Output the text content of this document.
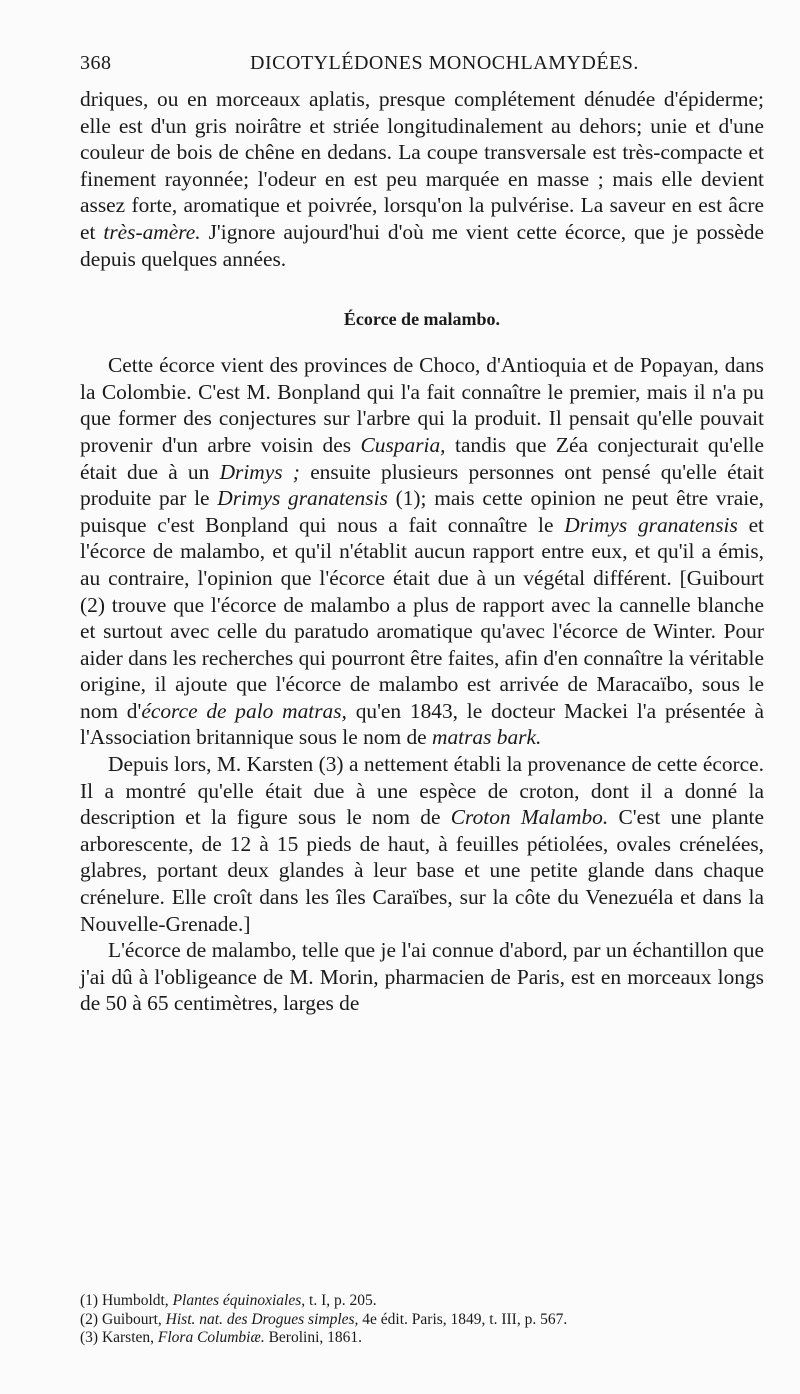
368	DICOTYLÉDONES MONOCHLAMYDÉES.

driques, ou en morceaux aplatis, presque complétement dénudée d'épiderme; elle est d'un gris noirâtre et striée longitudinalement au dehors; unie et d'une couleur de bois de chêne en dedans. La coupe transversale est très-compacte et finement rayonnée; l'odeur en est peu marquée en masse ; mais elle devient assez forte, aromatique et poivrée, lorsqu'on la pulvérise. La saveur en est âcre et très-amère. J'ignore aujourd'hui d'où me vient cette écorce, que je possède depuis quelques années.

Écorce de malambo.

Cette écorce vient des provinces de Choco, d'Antioquia et de Popayan, dans la Colombie. C'est M. Bonpland qui l'a fait connaître le premier, mais il n'a pu que former des conjectures sur l'arbre qui la produit. Il pensait qu'elle pouvait provenir d'un arbre voisin des Cusparia, tandis que Zéa conjecturait qu'elle était due à un Drimys ; ensuite plusieurs personnes ont pensé qu'elle était produite par le Drimys granatensis (1); mais cette opinion ne peut être vraie, puisque c'est Bonpland qui nous a fait connaître le Drimys granatensis et l'écorce de malambo, et qu'il n'établit aucun rapport entre eux, et qu'il a émis, au contraire, l'opinion que l'écorce était due à un végétal différent. [Guibourt (2) trouve que l'écorce de malambo a plus de rapport avec la cannelle blanche et surtout avec celle du paratudo aromatique qu'avec l'écorce de Winter. Pour aider dans les recherches qui pourront être faites, afin d'en connaître la véritable origine, il ajoute que l'écorce de malambo est arrivée de Maracaïbo, sous le nom d'écorce de palo matras, qu'en 1843, le docteur Mackei l'a présentée à l'Association britannique sous le nom de matras bark.

Depuis lors, M. Karsten (3) a nettement établi la provenance de cette écorce. Il a montré qu'elle était due à une espèce de croton, dont il a donné la description et la figure sous le nom de Croton Malambo. C'est une plante arborescente, de 12 à 15 pieds de haut, à feuilles pétiolées, ovales crénelées, glabres, portant deux glandes à leur base et une petite glande dans chaque crénelure. Elle croît dans les îles Caraïbes, sur la côte du Venezuéla et dans la Nouvelle-Grenade.]

L'écorce de malambo, telle que je l'ai connue d'abord, par un échantillon que j'ai dû à l'obligeance de M. Morin, pharmacien de Paris, est en morceaux longs de 50 à 65 centimètres, larges de

(1) Humboldt, Plantes équinoxiales, t. I, p. 205.
(2) Guibourt, Hist. nat. des Drogues simples, 4e édit. Paris, 1849, t. III, p. 567.
(3) Karsten, Flora Columbiæ. Berolini, 1861.
